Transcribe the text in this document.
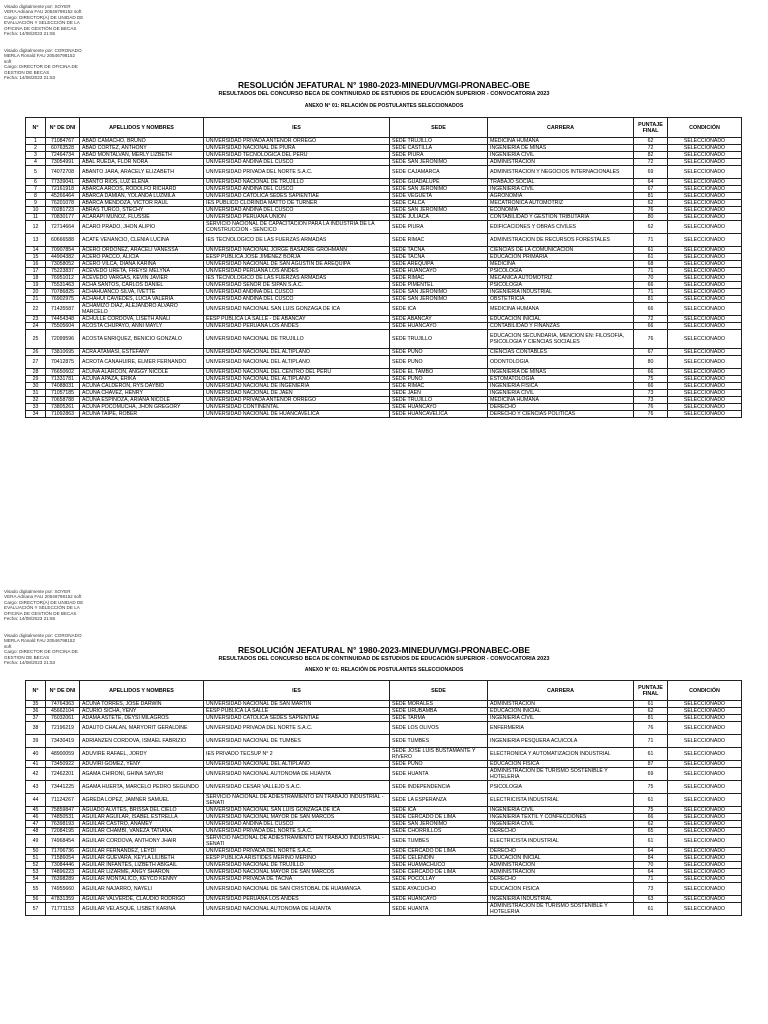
Visado digitalmente por: SOYER
VERA Adriana FAU 20546798152 soft
Cargo: DIRECTOR(A) DE UNIDAD DE
EVALUACIÓN Y SELECCIÓN DE LA
OFICINA DE GESTIÓN DE BECAS
Fecha: 14/08/2023 21:55
Visado digitalmente por: CORONADO
MERLA Ronald FAU 20546798152
soft
Cargo: DIRECTOR DE OFICINA DE
GESTION DE BECAS
Fecha: 14/08/2023 21:53
RESOLUCIÓN JEFATURAL N° 1980-2023-MINEDU/VMGI-PRONABEC-OBE
RESULTADOS DEL CONCURSO BECA DE CONTINUIDAD DE ESTUDIOS DE EDUCACIÓN SUPERIOR - CONVOCATORIA 2023
ANEXO N° 01: RELACIÓN DE POSTULANTES SELECCIONADOS
N°	N° DE DNI	APELLIDOS Y NOMBRES	IES	SEDE	CARRERA	PUNTAJE FINAL	CONDICIÓN
1	71084767	ABAD CAMACHO, BRUNO	UNIVERSIDAD PRIVADA ANTENOR ORREGO	SEDE TRUJILLO	MEDICINA HUMANA	62	SELECCIONADO
2	60763528	ABAD CORTEZ, ANTHONY	UNIVERSIDAD NACIONAL DE PIURA	SEDE CASTILLA	INGENIERIA DE MINAS	72	SELECCIONADO
3	72464734	ABAD MONTALVAN, MERLY LIZBETH	UNIVERSIDAD TECNOLOGICA DEL PERU	SEDE PIURA	INGENIERIA CIVIL	82	SELECCIONADO
4	73054991	ABAL RUEDA, FLOR NORA	UNIVERSIDAD ANDINA DEL CUSCO	SEDE SAN JERONIMO	ADMINISTRACION	72	SELECCIONADO
5	74072708	ABANTO JARA, ARACELY ELIZABETH	UNIVERSIDAD PRIVADA DEL NORTE S.A.C.	SEDE CAJAMARCA	ADMINISTRACION Y NEGOCIOS INTERNACIONALES	69	SELECCIONADO
6	77339041	ABANTO RIOS, LUZ ELENA	UNIVERSIDAD NACIONAL DE TRUJILLO	SEDE GUADALUPE	TRABAJO SOCIAL	64	SELECCIONADO
7	72161918	ABARCA ARCOS, RODOLFO RICHARD	UNIVERSIDAD ANDINA DEL CUSCO	SEDE SAN JERONIMO	INGENIERIA CIVIL	67	SELECCIONADO
8	45266464	ABARCA DAMIAN, YOLANDA LUZMILA	UNIVERSIDAD CATOLICA SEDES SAPIENTIAE	SEDE VEGUETA	AGRONOMIA	81	SELECCIONADO
9	76201078	ABARCA MENDOZA, VICTOR RAUL	IES PUBLICO CLORINDA MATTO DE TURNER	SEDE CALCA	MECATRONICA AUTOMOTRIZ	62	SELECCIONADO
10	70281723	ABRAS TURCO, STECHY	UNIVERSIDAD ANDINA DEL CUSCO	SEDE SAN JERONIMO	ECONOMIA	76	SELECCIONADO
11	70830177	ACARAPI MUÑOZ, FLUSSIE	UNIVERSIDAD PERUANA UNION	SEDE JULIACA	CONTABILIDAD Y GESTION TRIBUTARIA	80	SELECCIONADO
12	72714664	ACARO PRADO, JHON ALIPIO	SERVICIO NACIONAL DE CAPACITACION PARA LA INDUSTRIA DE LA CONSTRUCCION - SENCICO	SEDE PIURA	EDIFICACIONES Y OBRAS CIVILES	62	SELECCIONADO
13	60666588	ACATE VENANCIO, CLENIA LUCINA	IES TECNOLOGICO DE LAS FUERZAS ARMADAS	SEDE RIMAC	ADMINISTRACION DE RECURSOS FORESTALES	71	SELECCIONADO
14	70907854	ACERO ORDOÑEZ, ARACELI VANESSA	UNIVERSIDAD NACIONAL JORGE BASADRE GROHMANN	SEDE TACNA	CIENCIAS DE LA COMUNICACION	61	SELECCIONADO
15	44904382	ACERO PACCO, ALICIA	EESP PUBLICA JOSE JIMENEZ BORJA	SEDE TACNA	EDUCACION PRIMARIA	61	SELECCIONADO
16	73058052	ACERO VILCA, DIANA KARINA	UNIVERSIDAD NACIONAL DE SAN AGUSTIN DE AREQUIPA	SEDE AREQUIPA	MEDICINA	68	SELECCIONADO
17	75223837	ACEVEDO URETA, FREYSI MELYNA	UNIVERSIDAD PERUANA LOS ANDES	SEDE HUANCAYO	PSICOLOGIA	71	SELECCIONADO
18	76951012	ACEVEDO VARGAS, KEVIN JAVIER	IES TECNOLOGICO DE LAS FUERZAS ARMADAS	SEDE RIMAC	MECANICA AUTOMOTRIZ	70	SELECCIONADO
19	75531463	ACHA SANTOS, CARLOS DANIEL	UNIVERSIDAD SEÑOR DE SIPAN S.A.C.	SEDE PIMENTEL	PSICOLOGIA	66	SELECCIONADO
20	70786825	ACHAHUANCO SILVA, IVETTE	UNIVERSIDAD ANDINA DEL CUSCO	SEDE SAN JERONIMO	INGENIERIA INDUSTRIAL	71	SELECCIONADO
21	76902975	ACHAHUI CAVIEDES, LUCIA VALERIA	UNIVERSIDAD ANDINA DEL CUSCO	SEDE SAN JERONIMO	OBSTETRICIA	81	SELECCIONADO
22	71435587	ACHAMIZO DIAZ, ALEJANDRO ALVARO MARCELO	UNIVERSIDAD NACIONAL SAN LUIS GONZAGA DE ICA	SEDE ICA	MEDICINA HUMANA	66	SELECCIONADO
23	74454348	ACHULLE CORDOVA, LISETH ANALI	EESP PUBLICA LA SALLE - DE ABANCAY	SEDE ABANCAY	EDUCACION INICIAL	72	SELECCIONADO
24	75505604	ACOSTA CHUPAYO, ANNI MAYLY	UNIVERSIDAD PERUANA LOS ANDES	SEDE HUANCAYO	CONTABILIDAD Y FINANZAS	66	SELECCIONADO
25	72099596	ACOSTA ENRIQUEZ, BENICIO GONZALO	UNIVERSIDAD NACIONAL DE TRUJILLO	SEDE TRUJILLO	EDUCACION SECUNDARIA, MENCION EN: FILOSOFIA, PSICOLOGIA Y CIENCIAS SOCIALES	76	SELECCIONADO
26	73810695	ACRA ATAMASI, ESTEFANY	UNIVERSIDAD NACIONAL DEL ALTIPLANO	SEDE PUNO	CIENCIAS CONTABLES	67	SELECCIONADO
27	70412875	ACROTA CANAHUIRE, ELMER FERNANDO	UNIVERSIDAD NACIONAL DEL ALTIPLANO	SEDE PUNO	ODONTOLOGIA	80	SELECCIONADO
28	76650602	ACUÑA ALARCON, ANGGY NICOLE	UNIVERSIDAD NACIONAL DEL CENTRO DEL PERU	SEDE EL TAMBO	INGENIERIA DE MINAS	66	SELECCIONADO
29	71331781	ACUÑA APAZA, ERIKA	UNIVERSIDAD NACIONAL DEL ALTIPLANO	SEDE PUNO	ESTOMATOLOGIA	75	SELECCIONADO
30	74088031	ACUÑA CALDERON, RYS DAYBID	UNIVERSIDAD NACIONAL DE INGENIERIA	SEDE RIMAC	INGENIERIA FISICA	66	SELECCIONADO
31	71057185	ACUÑA CHAVEZ, HENRY	UNIVERSIDAD NACIONAL DE JAEN	SEDE JAEN	INGENIERIA CIVIL	73	SELECCIONADO
32	70658788	ACUÑA ESPINOZA, ARIANA NICOLE	UNIVERSIDAD PRIVADA ANTENOR ORREGO	SEDE TRUJILLO	MEDICINA HUMANA	73	SELECCIONADO
33	73805261	ACUÑA POCOMUCHA, JHON GREGORY	UNIVERSIDAD CONTINENTAL	SEDE HUANCAYO	DERECHO	76	SELECCIONADO
34	71092863	ACUÑA TAIPE, ROBER	UNIVERSIDAD NACIONAL DE HUANCAVELICA	SEDE HUANCAVELICA	DERECHO Y CIENCIAS POLITICAS	76	SELECCIONADO
Visado digitalmente por: SOYER
VERA Adriana FAU 20546798152 soft
Cargo: DIRECTOR(A) DE UNIDAD DE
EVALUACIÓN Y SELECCIÓN DE LA
OFICINA DE GESTIÓN DE BECAS
Fecha: 14/08/2023 21:55
Visado digitalmente por: CORONADO
MERLA Ronald FAU 20546798152
soft
Cargo: DIRECTOR DE OFICINA DE
GESTION DE BECAS
Fecha: 14/08/2023 21:53
RESOLUCIÓN JEFATURAL N° 1980-2023-MINEDU/VMGI-PRONABEC-OBE
RESULTADOS DEL CONCURSO BECA DE CONTINUIDAD DE ESTUDIOS DE EDUCACIÓN SUPERIOR - CONVOCATORIA 2023
ANEXO N° 01: RELACIÓN DE POSTULANTES SELECCIONADOS
N°	N° DE DNI	APELLIDOS Y NOMBRES	IES	SEDE	CARRERA	PUNTAJE FINAL	CONDICIÓN
35	74764363	ACUÑA TORRES, JOSE DARWIN	UNIVERSIDAD NACIONAL DE SAN MARTIN	SEDE MORALES	ADMINISTRACION	61	SELECCIONADO
36	45662104	ACURIO SICHA, YENY	EESP PUBLICA LA SALLE	SEDE URUBAMBA	EDUCACION INICIAL	62	SELECCIONADO
37	76032061	ADAMA ASTETE, DEYSI MILAGROS	UNIVERSIDAD CATOLICA SEDES SAPIENTIAE	SEDE TARMA	INGENIERIA CIVIL	81	SELECCIONADO
38	72196219	ADAUTO CHALAN, MARYORIT GERALDINE	UNIVERSIDAD PRIVADA DEL NORTE S.A.C.	SEDE LOS OLIVOS	ENFERMERIA	76	SELECCIONADO
39	73430419	ADRIANZEN CORDOVA, ISMAEL FABRIZIO	UNIVERSIDAD NACIONAL DE TUMBES	SEDE TUMBES	INGENIERIA PESQUERA ACUICOLA	71	SELECCIONADO
40	48900059	ADUVIRE RAFAEL, JORDY	IES PRIVADO TECSUP N° 2	SEDE JOSE LUIS BUSTAMANTE Y RIVERO	ELECTRONICA Y AUTOMATIZACION INDUSTRIAL	61	SELECCIONADO
41	73450922	ADUVIRI GOMEZ, YENY	UNIVERSIDAD NACIONAL DEL ALTIPLANO	SEDE PUNO	EDUCACION FISICA	87	SELECCIONADO
42	72462201	AGAMA CHIRONI, GHINA SAYURI	UNIVERSIDAD NACIONAL AUTONOMA DE HUANTA	SEDE HUANTA	ADMINISTRACION DE TURISMO SOSTENIBLE Y HOTELERIA	69	SELECCIONADO
43	73441225	AGAMA HUERTA, MARCELO PEDRO SEGUNDO	UNIVERSIDAD CESAR VALLEJO S.A.C.	SEDE INDEPENDENCIA	PSICOLOGIA	75	SELECCIONADO
44	71124267	AGREDA LOPEZ, JAMNER SAMUEL	SERVICIO NACIONAL DE ADIESTRAMIENTO EN TRABAJO INDUSTRIAL - SENATI	SEDE LA ESPERANZA	ELECTRICISTA INDUSTRIAL	61	SELECCIONADO
45	75859847	AGUADO ALVITES, BRISSA DEL CIELO	UNIVERSIDAD NACIONAL SAN LUIS GONZAGA DE ICA	SEDE ICA	INGENIERIA CIVIL	75	SELECCIONADO
46	74850531	AGUILAR AGUILAR, ISABEL ESTRELLA	UNIVERSIDAD NACIONAL MAYOR DE SAN MARCOS	SEDE CERCADO DE LIMA	INGENIERIA TEXTIL Y CONFECCIONES	66	SELECCIONADO
47	76398193	AGUILAR CASTRO, ANAMEY	UNIVERSIDAD ANDINA DEL CUSCO	SEDE SAN JERONIMO	INGENIERIA CIVIL	62	SELECCIONADO
48	72084195	AGUILAR CHAMBI, VANEZA TATIANA	UNIVERSIDAD PRIVADA DEL NORTE S.A.C.	SEDE CHORRILLOS	DERECHO	65	SELECCIONADO
49	74968454	AGUILAR CORDOVA, ANTHONY JHAIR	SERVICIO NACIONAL DE ADIESTRAMIENTO EN TRABAJO INDUSTRIAL - SENATI	SEDE TUMBES	ELECTRICISTA INDUSTRIAL	61	SELECCIONADO
50	71706736	AGUILAR FERNANDEZ, LEYDI	UNIVERSIDAD PRIVADA DEL NORTE S.A.C.	SEDE CERCADO DE LIMA	DERECHO	64	SELECCIONADO
51	71586054	AGUILAR GUEVARA, KEYLA LILIBETH	EESP PUBLICA ARISTIDES MERINO MERINO	SEDE CELENDIN	EDUCACION INICIAL	84	SELECCIONADO
52	73084446	AGUILAR INFANTES, LIZBETH ABIGAIL	UNIVERSIDAD NACIONAL DE TRUJILLO	SEDE HUAMACHUCO	ADMINISTRACION	70	SELECCIONADO
53	74896223	AGUILAR LIZARME, ANGY SHARON	UNIVERSIDAD NACIONAL MAYOR DE SAN MARCOS	SEDE CERCADO DE LIMA	ADMINISTRACION	64	SELECCIONADO
54	76398289	AGUILAR MONTALICO, KEYCO KENNY	UNIVERSIDAD PRIVADA DE TACNA	SEDE POCOLLAY	DERECHO	71	SELECCIONADO
55	74955660	AGUILAR NAJARRO, NAYELI	UNIVERSIDAD NACIONAL DE SAN CRISTOBAL DE HUAMANGA	SEDE AYACUCHO	EDUCACION FISICA	73	SELECCIONADO
56	47831359	AGUILAR VALVERDE, CLAUDIO RODRIGO	UNIVERSIDAD PERUANA LOS ANDES	SEDE HUANCAYO	INGENIERIA INDUSTRIAL	63	SELECCIONADO
57	71771153	AGUILAR VELASQUE, LISBET KARINA	UNIVERSIDAD NACIONAL AUTONOMA DE HUANTA	SEDE HUANTA	ADMINISTRACION DE TURISMO SOSTENIBLE Y HOTELERIA	61	SELECCIONADO
